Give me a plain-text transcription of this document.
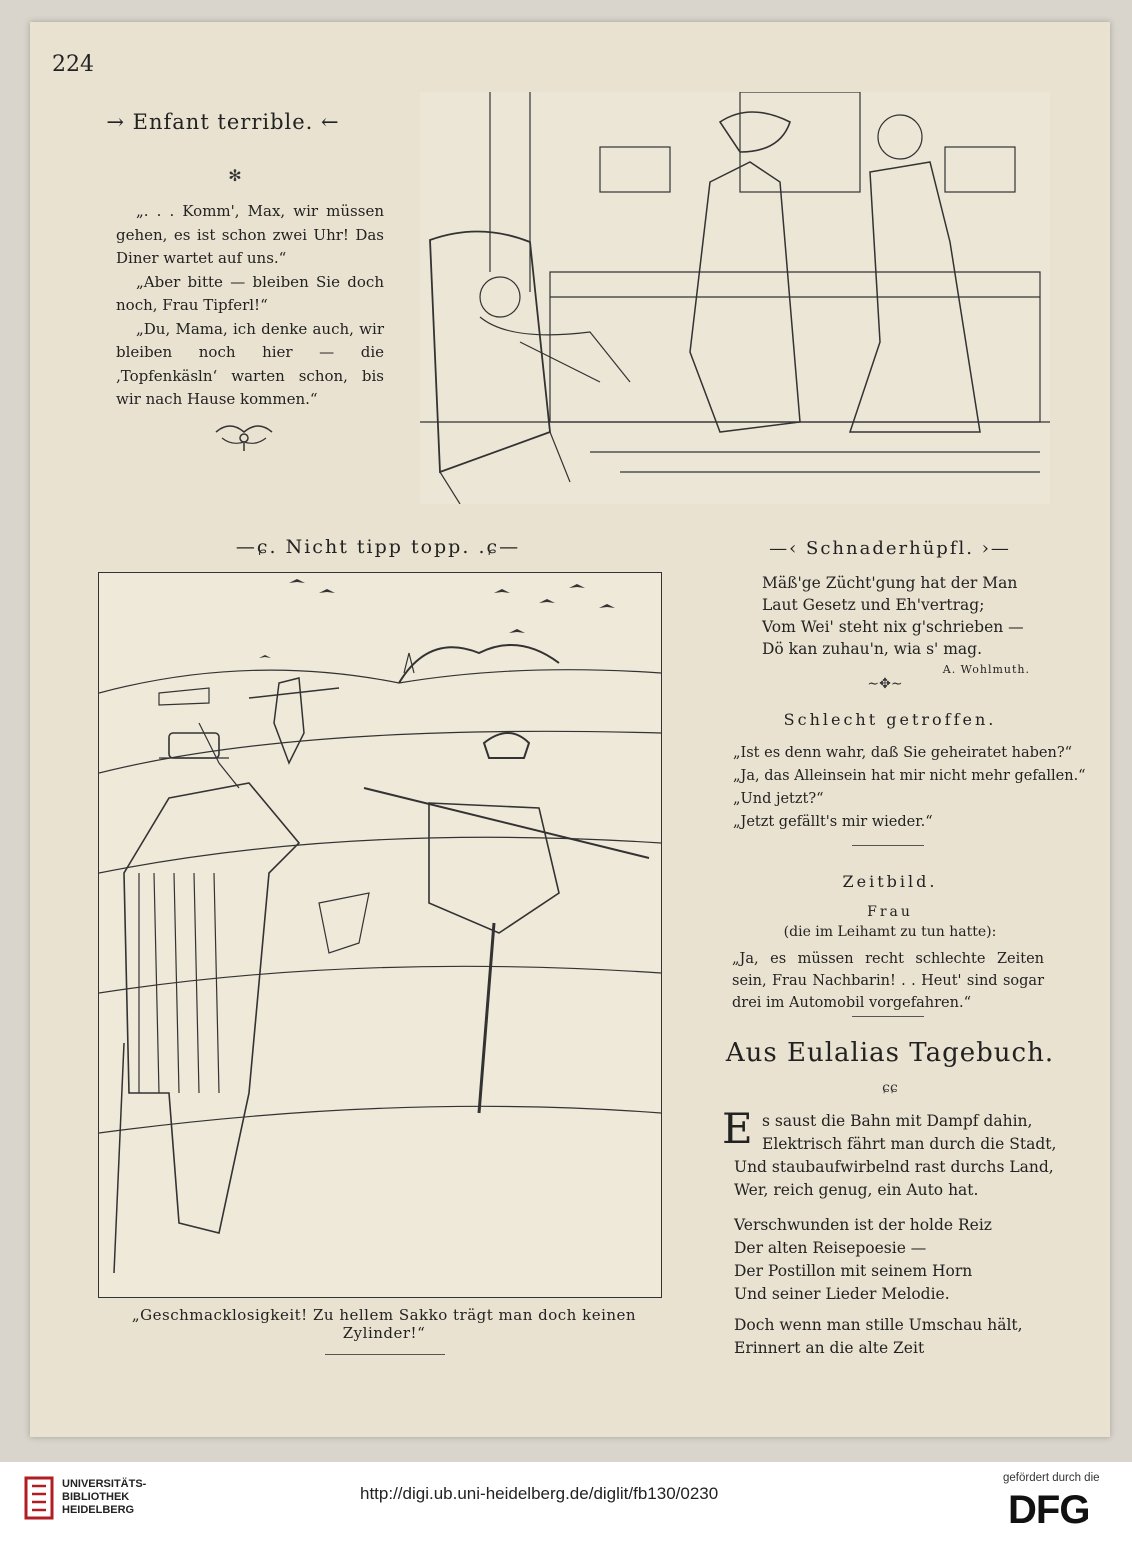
224
→ Enfant terrible. ←
✻

„. . . Komm', Max, wir müssen gehen, es ist schon zwei Uhr! Das Diner wartet auf uns.“

„Aber bitte — bleiben Sie doch noch, Frau Tipferl!“

„Du, Mama, ich denke auch, wir bleiben noch hier — die ‚Topfenkäsln‘ warten schon, bis wir nach Hause kommen.“

—ɕ. Nicht tipp topp. .ɕ—
„Geschmacklosigkeit! Zu hellem Sakko trägt man doch keinen Zylinder!“
—‹ Schnaderhüpfl. ›—
Mäß'ge Zücht'gung hat der Man
Laut Gesetz und Eh'vertrag;
Vom Wei' steht nix g'schrieben —
Dö kan zuhau'n, wia s' mag.
A. Wohlmuth.
∼✥∼
Schlecht getroffen.
„Ist es denn wahr, daß Sie geheiratet haben?“
„Ja, das Alleinsein hat mir nicht mehr gefallen.“
„Und jetzt?“
„Jetzt gefällt's mir wieder.“
Zeitbild.
Frau
(die im Leihamt zu tun hatte):

„Ja, es müssen recht schlechte Zeiten sein, Frau Nachbarin! . . Heut' sind sogar drei im Automobil vorgefahren.“

Aus Eulalias Tagebuch.
ɕɕ
E s saust die Bahn mit Dampf dahin,
Elektrisch fährt man durch die Stadt,
Und staubaufwirbelnd rast durchs Land,
Wer, reich genug, ein Auto hat.
Verschwunden ist der holde Reiz
Der alten Reisepoesie —
Der Postillon mit seinem Horn
Und seiner Lieder Melodie.
Doch wenn man stille Umschau hält,
Erinnert an die alte Zeit
UNIVERSITÄTS-
BIBLIOTHEK
HEIDELBERG
http://digi.ub.uni-heidelberg.de/diglit/fb130/0230
gefördert durch die
DFG
